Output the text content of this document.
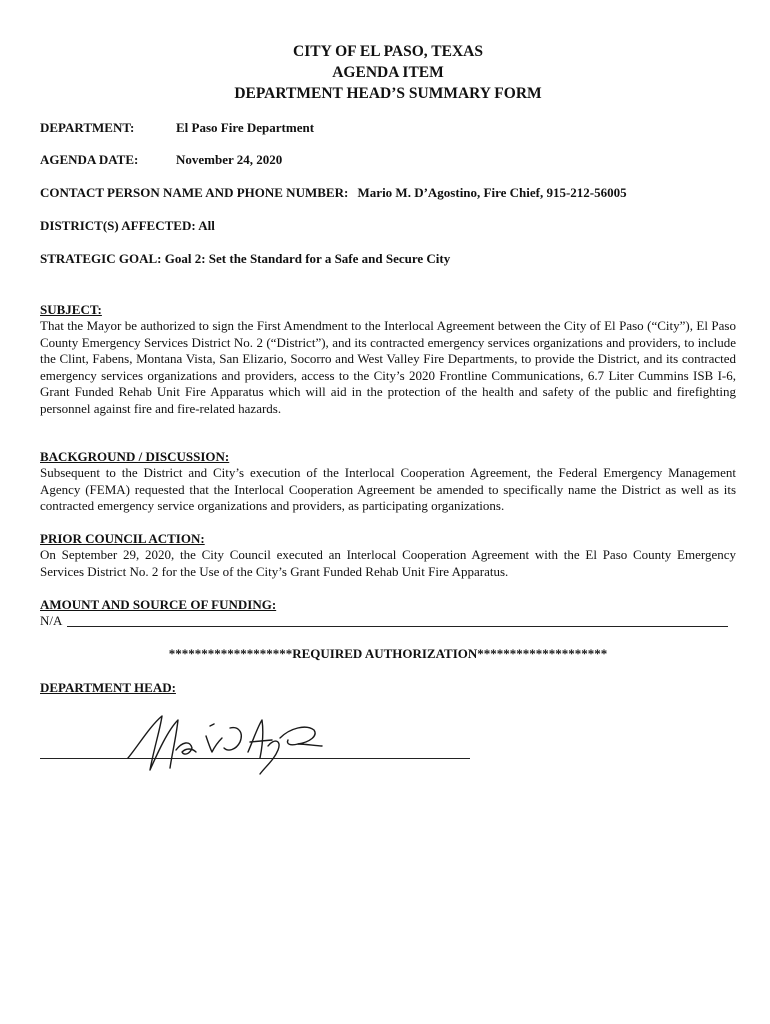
CITY OF EL PASO, TEXAS
AGENDA ITEM
DEPARTMENT HEAD’S SUMMARY FORM
DEPARTMENT:	El Paso Fire Department
AGENDA DATE:	November 24, 2020
CONTACT PERSON NAME AND PHONE NUMBER: Mario M. D’Agostino, Fire Chief, 915-212-56005
DISTRICT(S) AFFECTED: All
STRATEGIC GOAL: Goal 2: Set the Standard for a Safe and Secure City
SUBJECT:
That the Mayor be authorized to sign the First Amendment to the Interlocal Agreement between the City of El Paso (“City”), El Paso County Emergency Services District No. 2 (“District”), and its contracted emergency services organizations and providers, to include the Clint, Fabens, Montana Vista, San Elizario, Socorro and West Valley Fire Departments, to provide the District, and its contracted emergency services organizations and providers, access to the City’s 2020 Frontline Communications, 6.7 Liter Cummins ISB I-6, Grant Funded Rehab Unit Fire Apparatus which will aid in the protection of the health and safety of the public and firefighting personnel against fire and fire-related hazards.
BACKGROUND / DISCUSSION:
Subsequent to the District and City’s execution of the Interlocal Cooperation Agreement, the Federal Emergency Management Agency (FEMA) requested that the Interlocal Cooperation Agreement be amended to specifically name the District as well as its contracted emergency service organizations and providers, as participating organizations.
PRIOR COUNCIL ACTION:
On September 29, 2020, the City Council executed an Interlocal Cooperation Agreement with the El Paso County Emergency Services District No. 2 for the Use of the City’s Grant Funded Rehab Unit Fire Apparatus.
AMOUNT AND SOURCE OF FUNDING:
N/A
*******************REQUIRED AUTHORIZATION********************
DEPARTMENT HEAD:
